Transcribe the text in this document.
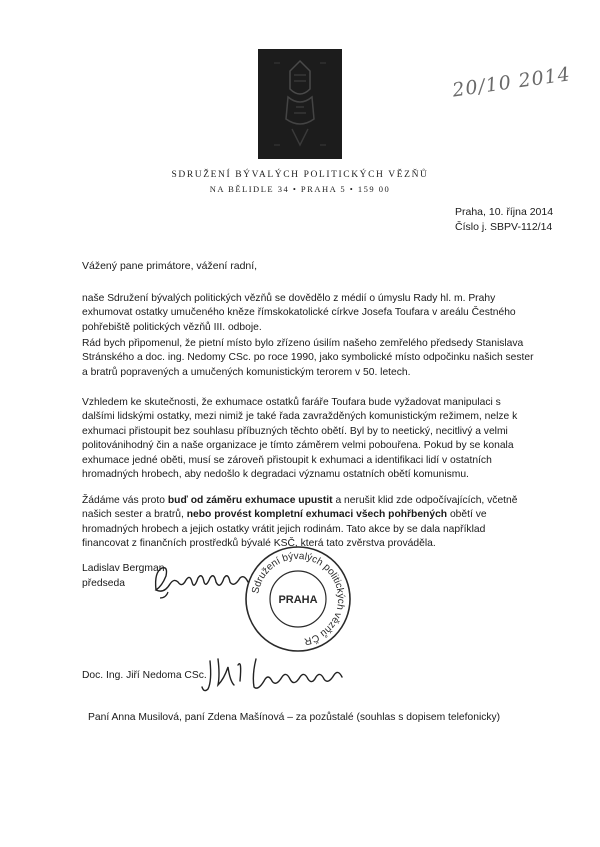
20/10 2014
SDRUŽENÍ BÝVALÝCH POLITICKÝCH VĚZŇŮ
NA BĚLIDLE 34 • PRAHA 5 • 159 00
Praha, 10. října 2014
Číslo j. SBPV-112/14
Vážený pane primátore, vážení radní,

naše Sdružení bývalých politických vězňů se dovědělo z médií o úmyslu Rady hl. m. Prahy exhumovat ostatky umučeného kněze římskokatolické církve Josefa Toufara v areálu Čestného pohřebiště politických vězňů III. odboje.

Rád bych připomenul, že pietní místo bylo zřízeno úsilím našeho zemřelého předsedy Stanislava Stránského a doc. ing. Nedomy CSc. po roce 1990, jako symbolické místo odpočinku našich sester a bratrů popravených a umučených komunistickým terorem v 50. letech.

Vzhledem ke skutečnosti, že exhumace ostatků faráře Toufara bude vyžadovat manipulaci s dalšími lidskými ostatky, mezi nimiž je také řada zavražděných komunistickým režimem, nelze k exhumaci přistoupit bez souhlasu příbuzných těchto obětí. Byl by to neetický, necitlivý a velmi politovánihodný čin a naše organizace je tímto záměrem velmi pobouřena. Pokud by se konala exhumace jedné oběti, musí se zároveň přistoupit k exhumaci a identifikaci lidí v ostatních hromadných hrobech, aby nedošlo k degradaci významu ostatních obětí komunismu.

Žádáme vás proto buď od záměru exhumace upustit a nerušit klid zde odpočívajících, včetně našich sester a bratrů, nebo provést kompletní exhumaci všech pohřbených obětí ve hromadných hrobech a jejich ostatky vrátit jejich rodinám. Tato akce by se dala například financovat z finančních prostředků bývalé KSČ, která tato zvěrstva prováděla.

Ladislav Bergman
předseda
Sdružení bývalých politických vězňů ČR
PRAHA
Doc. Ing. Jiří Nedoma CSc.
Paní Anna Musilová, paní Zdena Mašínová – za pozůstalé (souhlas s dopisem telefonicky)
